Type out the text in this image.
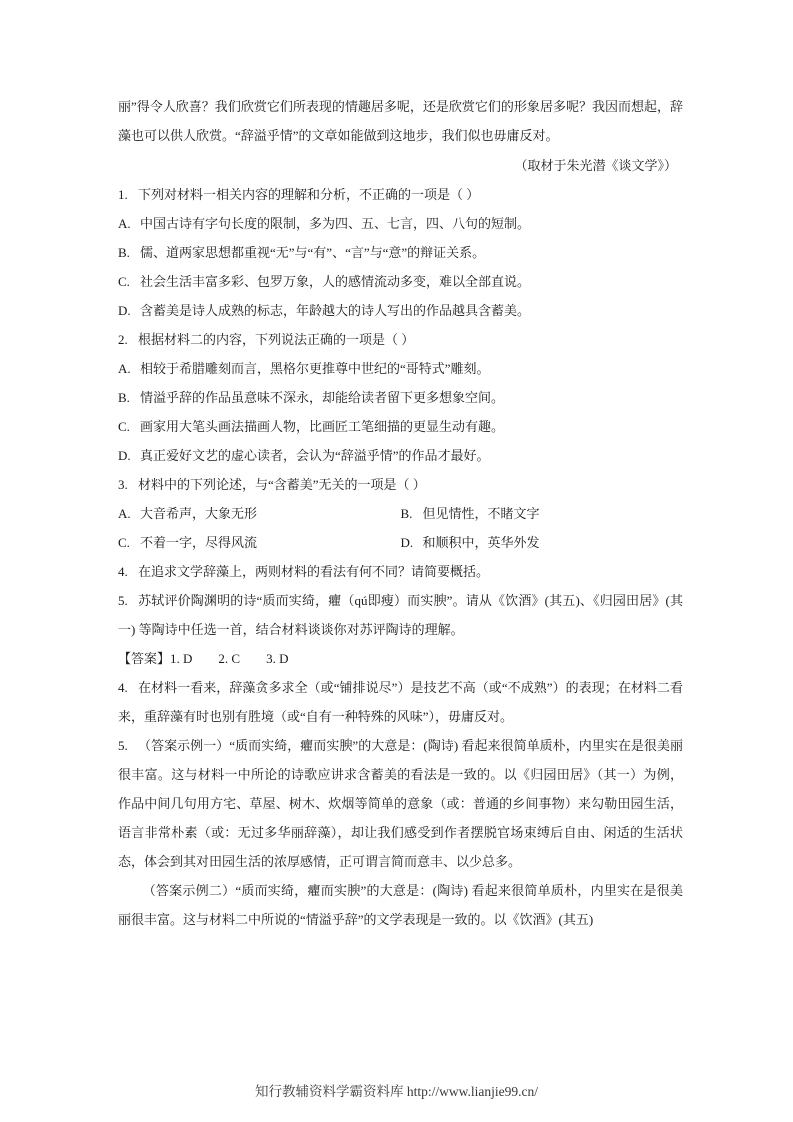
丽”得令人欣喜？我们欣赏它们所表现的情趣居多呢，还是欣赏它们的形象居多呢？我因而想起，辞藻也可以供人欣赏。“辞溢乎情”的文章如能做到这地步，我们似也毋庸反对。

（取材于朱光潜《谈文学》）

1. 下列对材料一相关内容的理解和分析，不正确的一项是（ ）

A. 中国古诗有字句长度的限制，多为四、五、七言，四、八句的短制。

B. 儒、道两家思想都重视“无”与“有”、“言”与“意”的辩证关系。

C. 社会生活丰富多彩、包罗万象，人的感情流动多变，难以全部直说。

D. 含蓄美是诗人成熟的标志，年龄越大的诗人写出的作品越具含蓄美。

2. 根据材料二的内容，下列说法正确的一项是（ ）

A. 相较于希腊雕刻而言，黑格尔更推尊中世纪的“哥特式”雕刻。

B. 情溢乎辞的作品虽意味不深永，却能给读者留下更多想象空间。

C. 画家用大笔头画法描画人物，比画匠工笔细描的更显生动有趣。

D. 真正爱好文艺的虚心读者，会认为“辞溢乎情”的作品才最好。

3. 材料中的下列论述，与“含蓄美”无关的一项是（ ）

A. 大音希声，大象无形	B. 但见情性，不睹文字
C. 不着一字，尽得风流	D. 和顺积中，英华外发

4. 在追求文学辞藻上，两则材料的看法有何不同？请简要概括。

5. 苏轼评价陶渊明的诗“质而实绮，癯（qú即瘦）而实腴”。请从《饮酒》(其五)、《归园田居》(其一) 等陶诗中任选一首，结合材料谈谈你对苏评陶诗的理解。

【答案】1. D 2. C 3. D

4. 在材料一看来，辞藻贪多求全（或“铺排说尽”）是技艺不高（或“不成熟”）的表现；在材料二看来，重辞藻有时也别有胜境（或“自有一种特殊的风味”），毋庸反对。

5. （答案示例一）“质而实绮，癯而实腴”的大意是：(陶诗) 看起来很简单质朴，内里实在是很美丽很丰富。这与材料一中所论的诗歌应讲求含蓄美的看法是一致的。以《归园田居》（其一）为例，作品中间几句用方宅、草屋、树木、炊烟等简单的意象（或：普通的乡间事物）来勾勒田园生活，语言非常朴素（或：无过多华丽辞藻），却让我们感受到作者摆脱官场束缚后自由、闲适的生活状态，体会到其对田园生活的浓厚感情，正可谓言简而意丰、以少总多。

（答案示例二）“质而实绮，癯而实腴”的大意是：(陶诗) 看起来很简单质朴，内里实在是很美丽很丰富。这与材料二中所说的“情溢乎辞”的文学表现是一致的。以《饮酒》(其五)

知行教辅资料学霸资料库 http://www.lianjie99.cn/
